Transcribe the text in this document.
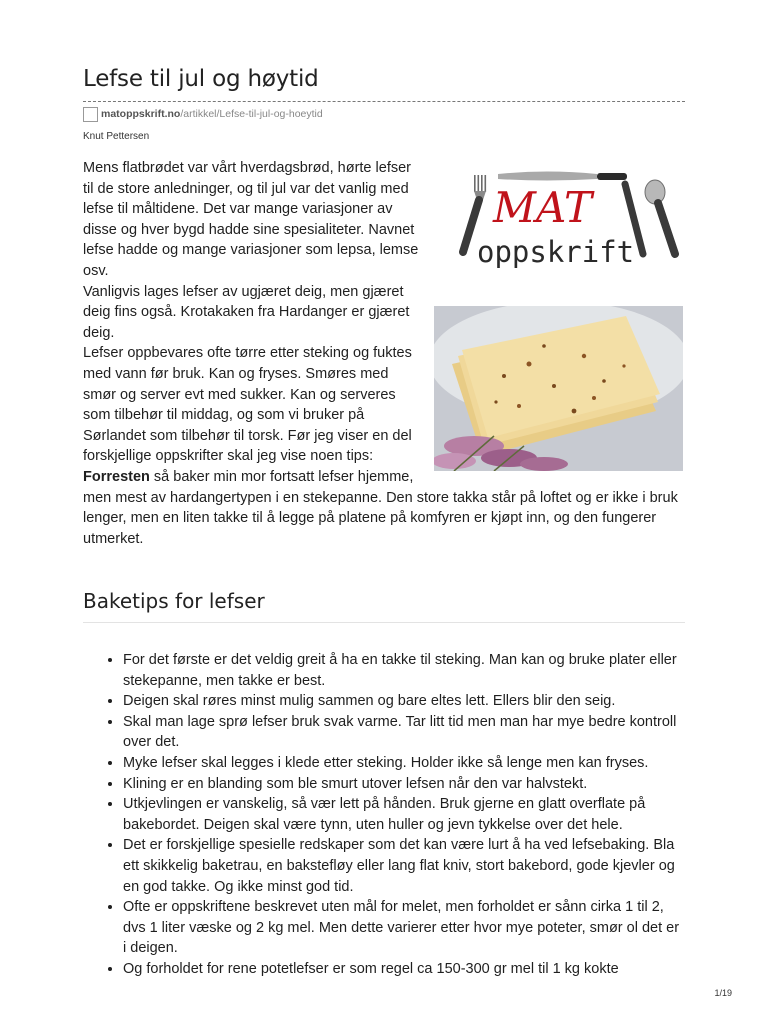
Lefse til jul og høytid
matoppskrift.no/artikkel/Lefse-til-jul-og-hoeytid
Knut Pettersen
MAT
oppskrift

Mens flatbrødet var vårt hverdagsbrød, hørte lefser til de store anledninger, og til jul var det vanlig med lefse til måltidene. Det var mange variasjoner av disse og hver bygd hadde sine spesialiteter. Navnet lefse hadde og mange variasjoner som lepsa, lemse osv.

Vanligvis lages lefser av ugjæret deig, men gjæret deig fins også. Krotakaken fra Hardanger er gjæret deig.

Lefser oppbevares ofte tørre etter steking og fuktes med vann før bruk. Kan og fryses. Smøres med smør og server evt med sukker. Kan og serveres som tilbehør til middag, og som vi bruker på Sørlandet som tilbehør til torsk. Før jeg viser en del forskjellige oppskrifter skal jeg vise noen tips:

Forresten så baker min mor fortsatt lefser hjemme, men mest av hardangertypen i en stekepanne. Den store takka står på loftet og er ikke i bruk lenger, men en liten takke til å legge på platene på komfyren er kjøpt inn, og den fungerer utmerket.

Baketips for lefser
• For det første er det veldig greit å ha en takke til steking. Man kan og bruke plater eller stekepanne, men takke er best.
• Deigen skal røres minst mulig sammen og bare eltes lett. Ellers blir den seig.
• Skal man lage sprø lefser bruk svak varme. Tar litt tid men man har mye bedre kontroll over det.
• Myke lefser skal legges i klede etter steking. Holder ikke så lenge men kan fryses.
• Klining er en blanding som ble smurt utover lefsen når den var halvstekt.
• Utkjevlingen er vanskelig, så vær lett på hånden. Bruk gjerne en glatt overflate på bakebordet. Deigen skal være tynn, uten huller og jevn tykkelse over det hele.
• Det er forskjellige spesielle redskaper som det kan være lurt å ha ved lefsebaking. Bla ett skikkelig baketrau, en bakstefløy eller lang flat kniv, stort bakebord, gode kjevler og en god takke. Og ikke minst god tid.
• Ofte er oppskriftene beskrevet uten mål for melet, men forholdet er sånn cirka 1 til 2, dvs 1 liter væske og 2 kg mel. Men dette varierer etter hvor mye poteter, smør ol det er i deigen.
• Og forholdet for rene potetlefser er som regel ca 150-300 gr mel til 1 kg kokte
1/19
